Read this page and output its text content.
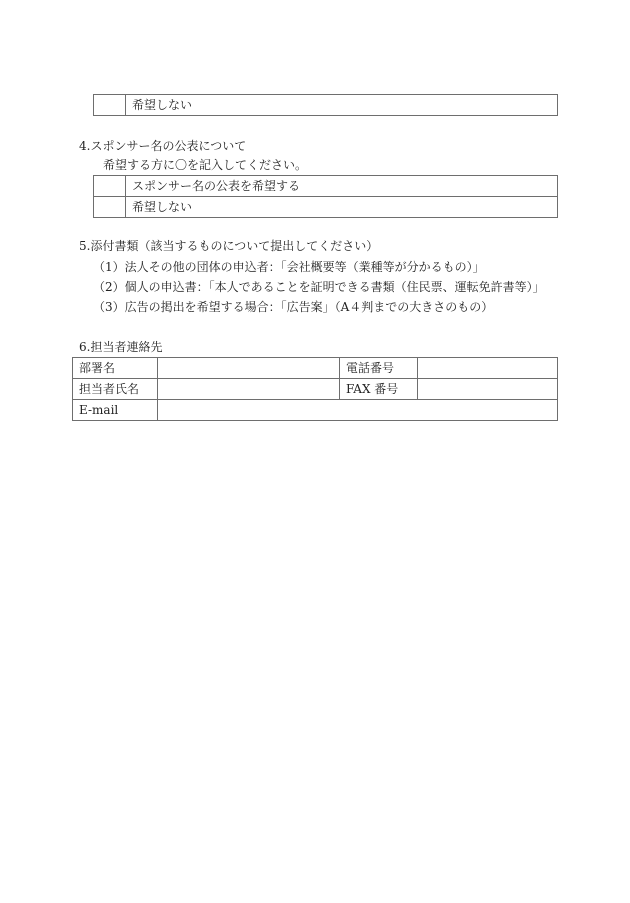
	希望しない
4.スポンサー名の公表について
希望する方に〇を記入してください。
	スポンサー名の公表を希望する
	希望しない
5.添付書類（該当するものについて提出してください）
（1）法人その他の団体の申込者：「会社概要等（業種等が分かるもの）」
（2）個人の申込書：「本人であることを証明できる書類（住民票、運転免許書等）」
（3）広告の掲出を希望する場合：「広告案」（A４判までの大きさのもの）
6.担当者連絡先
部署名		電話番号	
担当者氏名		FAX 番号	
E-mail			
